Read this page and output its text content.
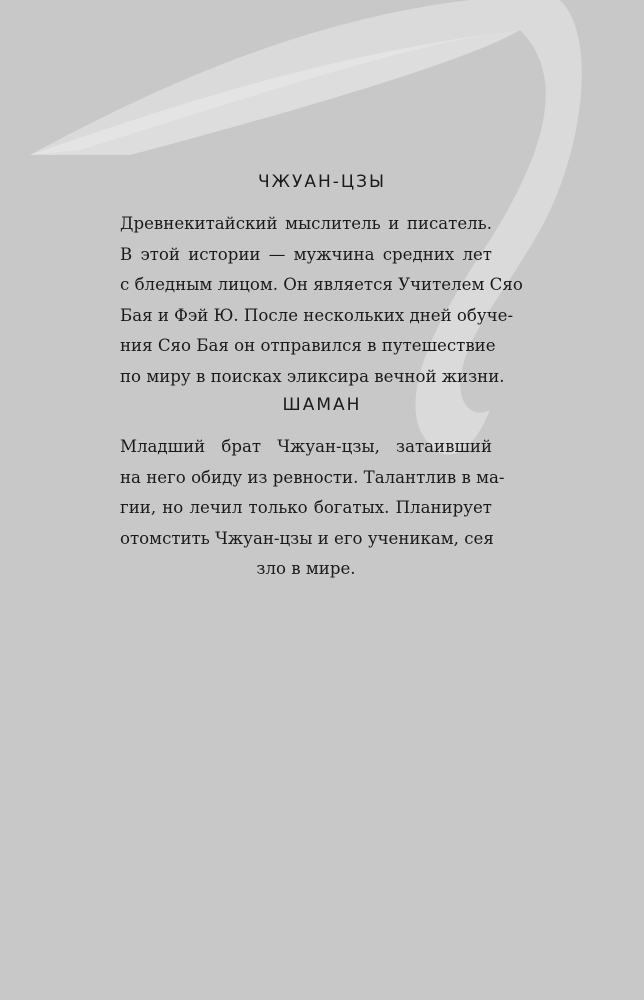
ЧЖУАН-ЦЗЫ
Древнекитайский мыслитель и писатель.
В этой истории — мужчина средних лет
с бледным лицом. Он является Учителем Сяо
Бая и Фэй Ю. После нескольких дней обуче-
ния Сяо Бая он отправился в путешествие
по миру в поисках эликсира вечной жизни.
ШАМАН
Младший брат Чжуан-цзы, затаивший
на него обиду из ревности. Талантлив в ма-
гии, но лечил только богатых. Планирует
отомстить Чжуан-цзы и его ученикам, сея
зло в мире.
